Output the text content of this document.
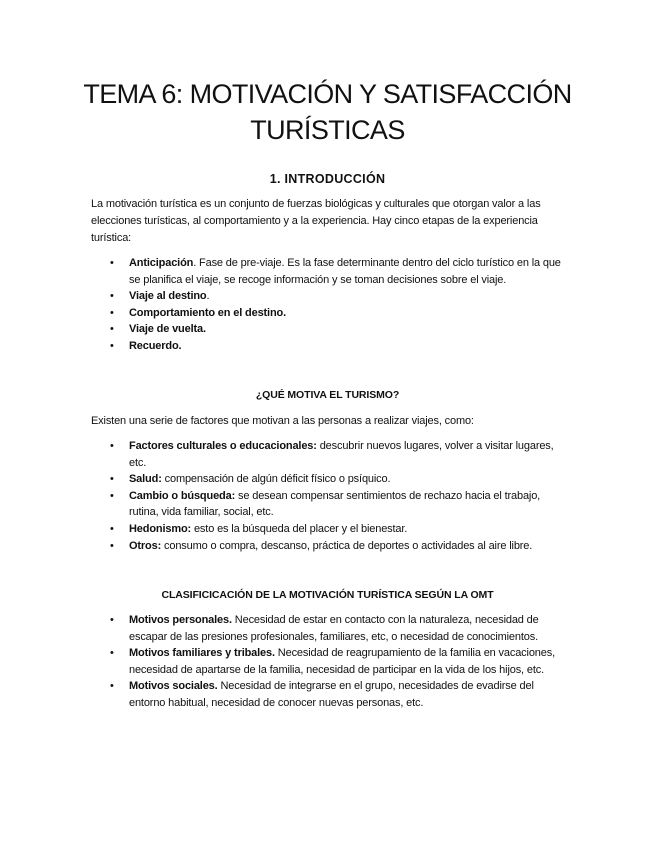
TEMA 6: MOTIVACIÓN Y SATISFACCIÓN
TURÍSTICAS
1. INTRODUCCIÓN

La motivación turística es un conjunto de fuerzas biológicas y culturales que otorgan valor a las elecciones turísticas, al comportamiento y a la experiencia. Hay cinco etapas de la experiencia turística:

• Anticipación. Fase de pre-viaje. Es la fase determinante dentro del ciclo turístico en la que se planifica el viaje, se recoge información y se toman decisiones sobre el viaje.
• Viaje al destino.
• Comportamiento en el destino.
• Viaje de vuelta.
• Recuerdo.
¿QUÉ MOTIVA EL TURISMO?

Existen una serie de factores que motivan a las personas a realizar viajes, como:

• Factores culturales o educacionales: descubrir nuevos lugares, volver a visitar lugares, etc.
• Salud: compensación de algún déficit físico o psíquico.
• Cambio o búsqueda: se desean compensar sentimientos de rechazo hacia el trabajo, rutina, vida familiar, social, etc.
• Hedonismo: esto es la búsqueda del placer y el bienestar.
• Otros: consumo o compra, descanso, práctica de deportes o actividades al aire libre.
CLASIFICICACIÓN DE LA MOTIVACIÓN TURÍSTICA SEGÚN LA OMT
• Motivos personales. Necesidad de estar en contacto con la naturaleza, necesidad de escapar de las presiones profesionales, familiares, etc, o necesidad de conocimientos.
• Motivos familiares y tribales. Necesidad de reagrupamiento de la familia en vacaciones, necesidad de apartarse de la familia, necesidad de participar en la vida de los hijos, etc.
• Motivos sociales. Necesidad de integrarse en el grupo, necesidades de evadirse del entorno habitual, necesidad de conocer nuevas personas, etc.
